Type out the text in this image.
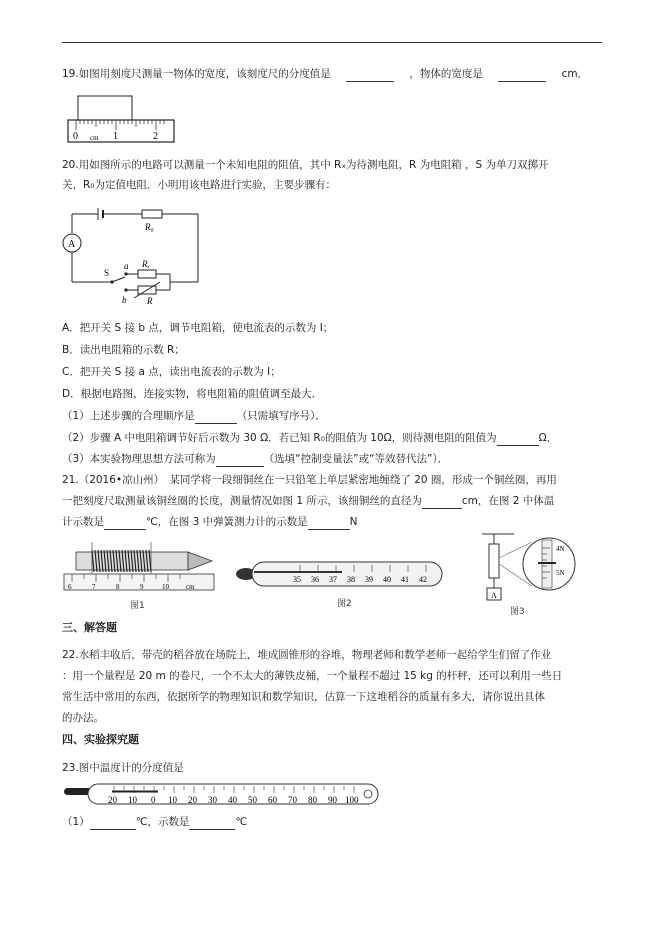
19.如图用刻度尺测量一物体的宽度，该刻度尺的分度值是	，物体的宽度是	cm．
0 cm 1	2
20.用如图所示的电路可以测量一个未知电阻的阻值，其中 Rₓ为待测电阻，R 为电阻箱 ，S 为单刀双掷开
关，R₀为定值电阻．小明用该电路进行实验，主要步骤有：
A
R₀
Rₓ
R
S
a
b
A．把开关 S 接 b 点，调节电阻箱，使电流表的示数为 I；
B．读出电阻箱的示数 R；
C．把开关 S 接 a 点，读出电流表的示数为 I；
D．根据电路图，连接实物，将电阻箱的阻值调至最大．
（1）上述步骤的合理顺序是	（只需填写序号）．
（2）步骤 A 中电阻箱调节好后示数为 30 Ω．若已知 R₀的阻值为 10Ω，则待测电阻的阻值为	Ω．
（3）本实验物理思想方法可称为	（选填“控制变量法”或“等效替代法”）．
21.（2016•凉山州）　某同学将一段细铜丝在一只铅笔上单层紧密地缠绕了 20 圈，形成一个铜丝圈，再用
一把刻度尺取测量该铜丝圈的长度，测量情况如图 1 所示，该细铜丝的直径为	cm，在图 2 中体温
计示数是	℃，在图 3 中弹簧测力计的示数是	N
6	7	8	9	10 cm
图1
35 36 37 38 39 40 41 42
图2
A
4N
5N
图3
三、解答题
22.水稻丰收后，带壳的稻谷放在场院上，堆成圆锥形的谷堆，物理老师和数学老师一起给学生们留了作业
：用一个量程是 20 m 的卷尺，一个不太大的薄铁皮桶，一个量程不超过 15 kg 的杆秤，还可以利用一些日
常生活中常用的东西，依据所学的物理知识和数学知识，估算一下这堆稻谷的质量有多大，请你说出具体
的办法。
四、实验探究题
23.图中温度计的分度值是
20 10 0 10 20 30 40 50 60 70 80 90 100
（1）	℃，示数是	℃
